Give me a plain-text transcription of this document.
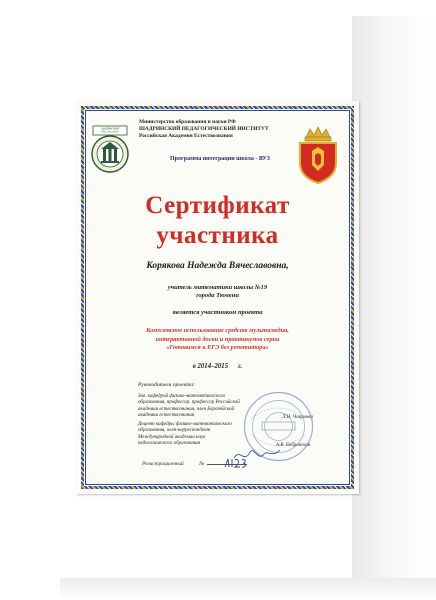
ШАДРИНСКИЙ
ПЕД. ИНСТИТУТ
Министерство образования и науки РФ
ШАДРИНСКИЙ ПЕДАГОГИЧЕСКИЙ ИНСТИТУТ
Российская Академия Естествознания
Программа интеграции школа - ВУЗ
Сертификат
участника
Корякова Надежда Вячеславовна,
учитель математики школы №19
города Тюмени
является участником проекта
Комплексное использование средств мультимедиа,
интерактивной доски и практикумов серии
«Готовимся к ЕГЭ без репетитора»
в 2014–2015 г.
Руководители проекта:
Зав. кафедрой физико-математического
образования, профессор, профессор Российской
академии естествознания, член Европейской
академии естествознания	Л.Н. Чикунова
Доцент кафедры физико-математического
образования, член-корреспондент
Международной академии наук
педагогического образования	А.В. Бобровская
Регистрационный	№
